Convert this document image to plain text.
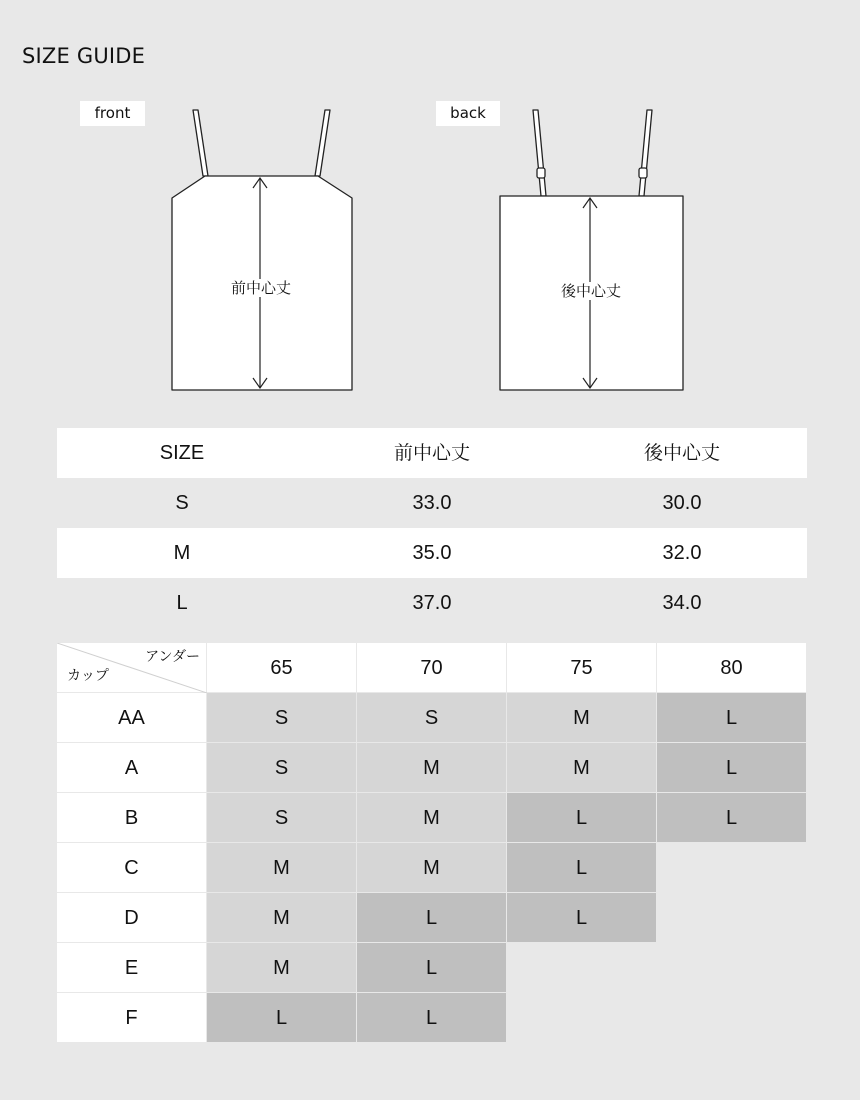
SIZE GUIDE
front	back
前中心丈	後中心丈
SIZE	前中心丈	後中心丈
S	33.0	30.0
M	35.0	32.0
L	37.0	34.0
アンダー
カップ	65	70	75	80
AA	S	S	M	L
A	S	M	M	L
B	S	M	L	L
C	M	M	L
D	M	L	L
E	M	L
F	L	L
